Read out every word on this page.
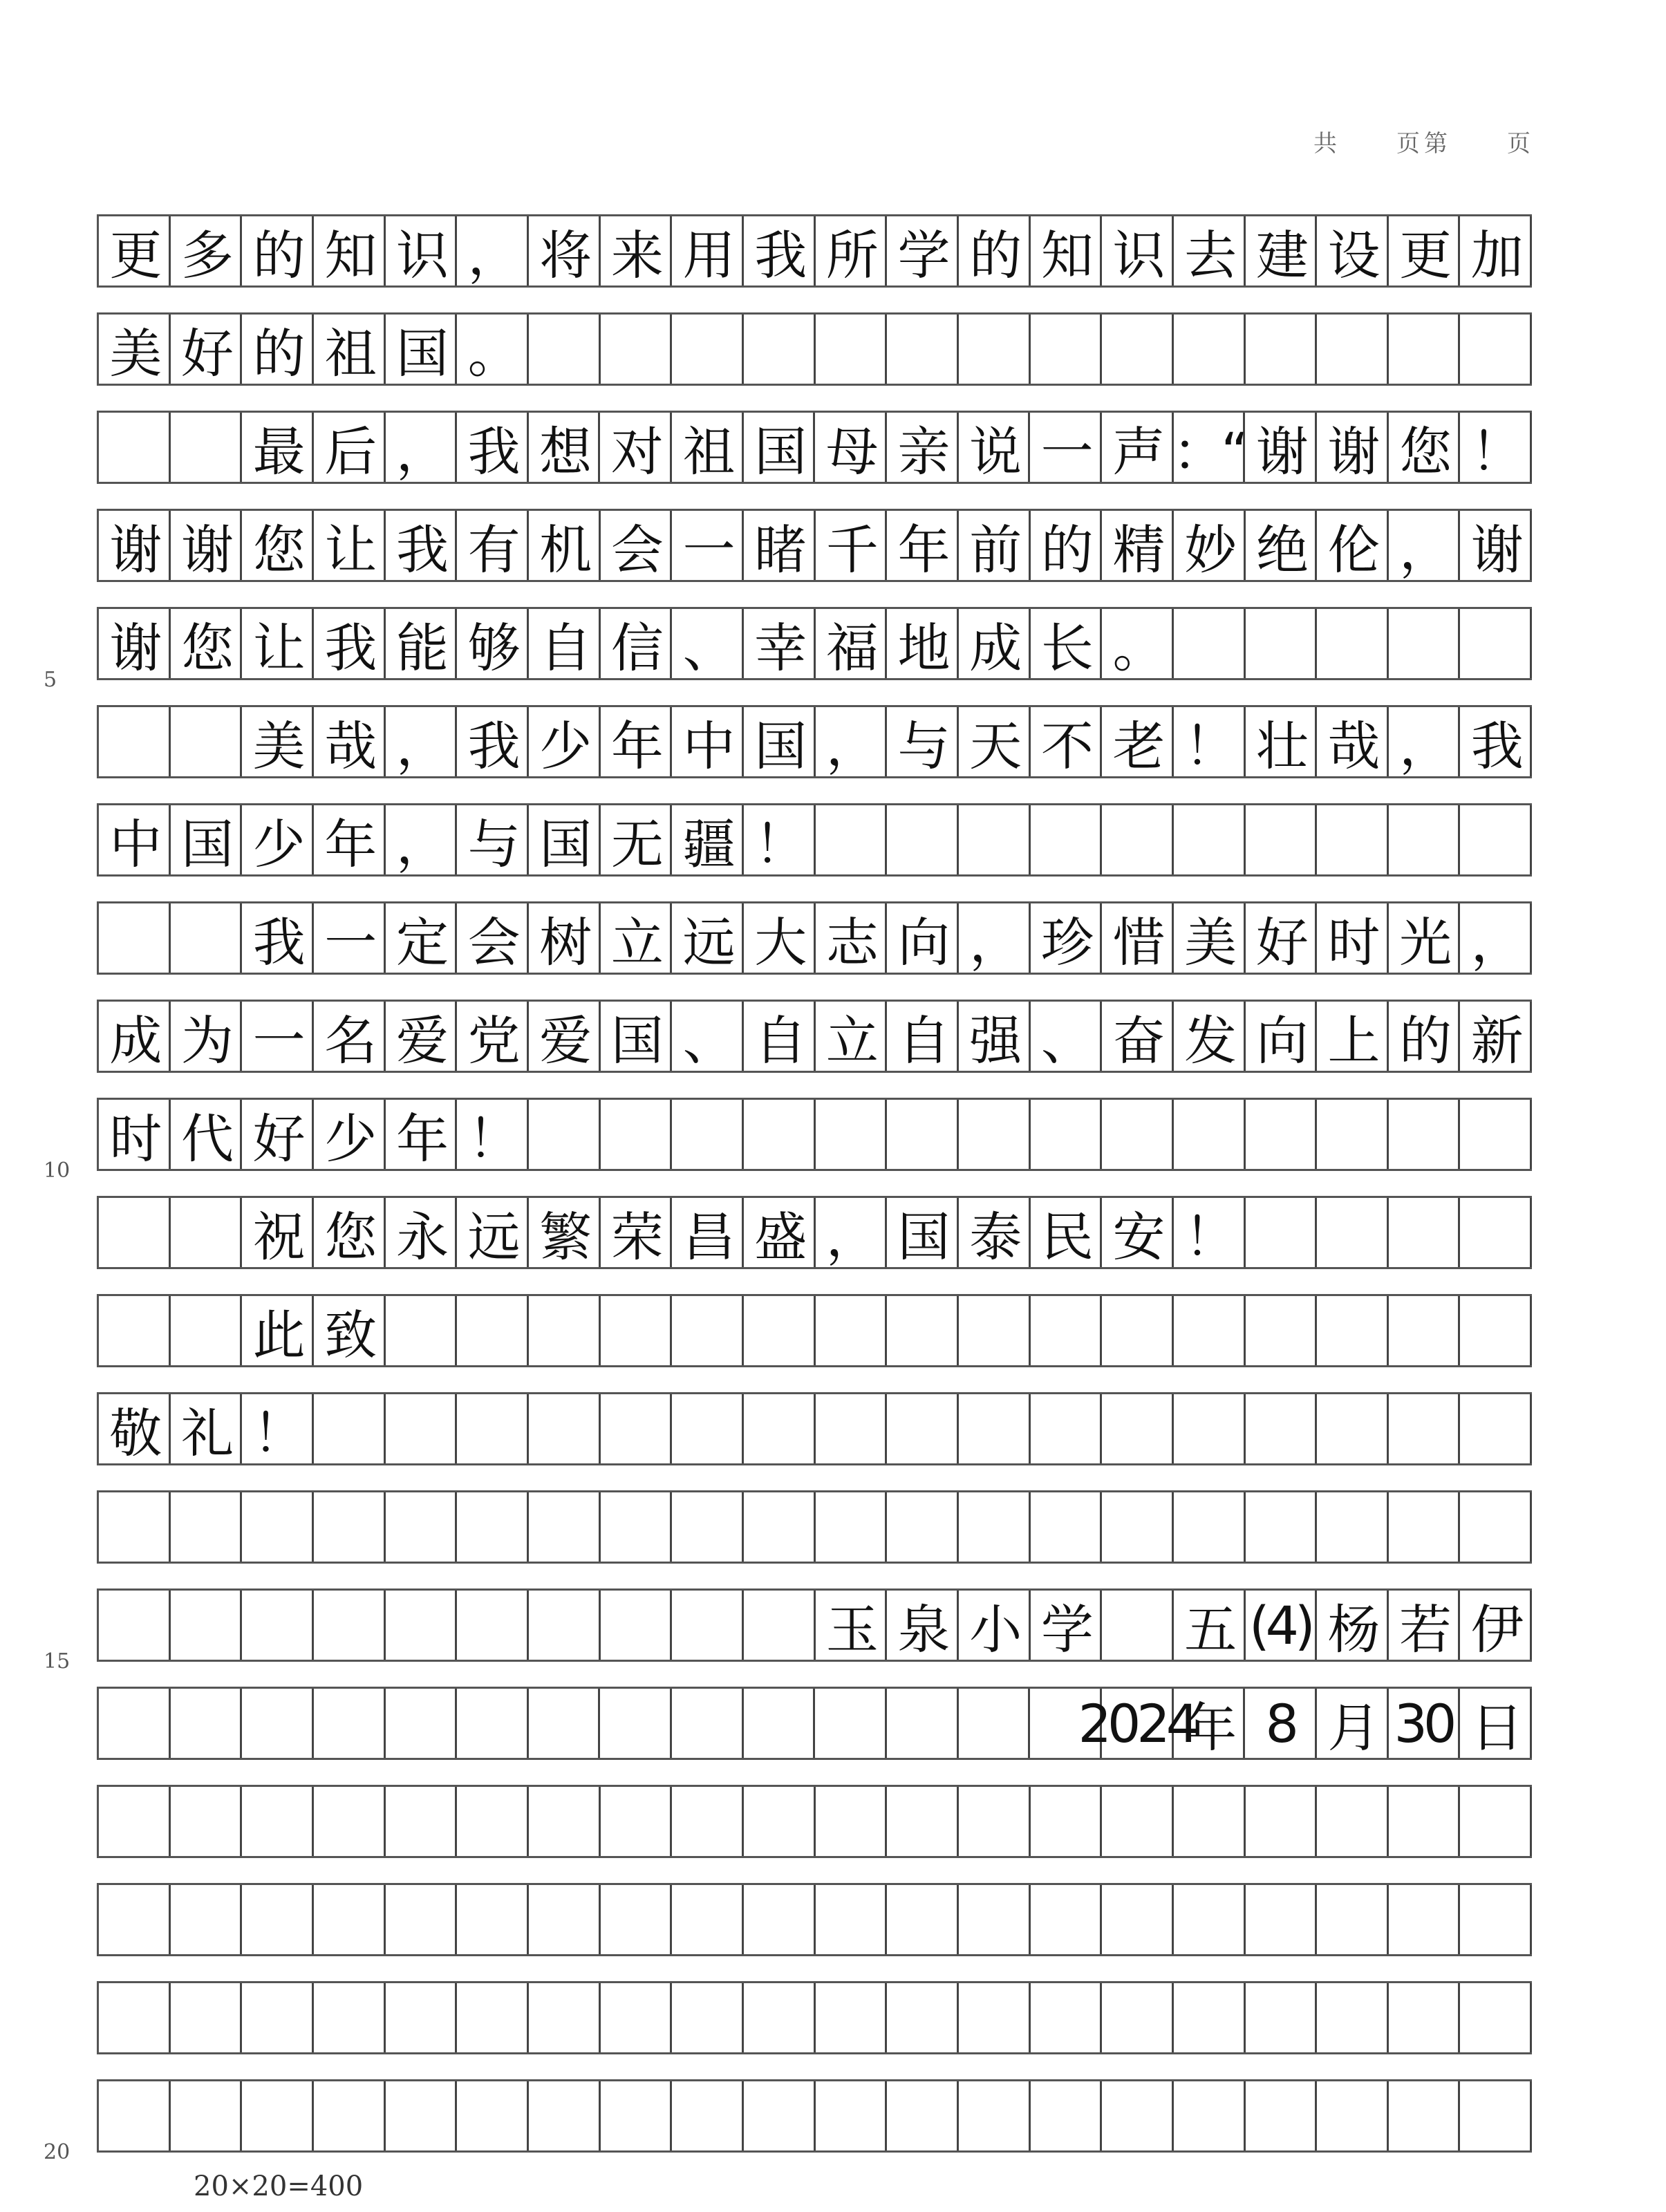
共　　页第　　页
更 多 的 知 识 ， 将 来 用 我 所 学 的 知 识 去 建 设 更 加
美 好 的 祖 国 。
最 后 ， 我 想 对 祖 国 母 亲 说 一 声 ：“ 谢 谢 您 ！
谢 谢 您 让 我 有 机 会 一 睹 千 年 前 的 精 妙 绝 伦 ， 谢
谢 您 让 我 能 够 自 信 、 幸 福 地 成 长 。
5
美 哉 ， 我 少 年 中 国 ， 与 天 不 老 ！ 壮 哉 ， 我
中 国 少 年 ， 与 国 无 疆 ！
我 一 定 会 树 立 远 大 志 向 ， 珍 惜 美 好 时 光 ，
成 为 一 名 爱 党 爱 国 、 自 立 自 强 、 奋 发 向 上 的 新
时 代 好 少 年 ！
10
祝 您 永 远 繁 荣 昌 盛 ， 国 泰 民 安 ！
此 致
敬 礼 ！
玉 泉 小 学 五 (4) 杨 若 伊
15
2024
年 8 月 30 日
20
20×20=400
